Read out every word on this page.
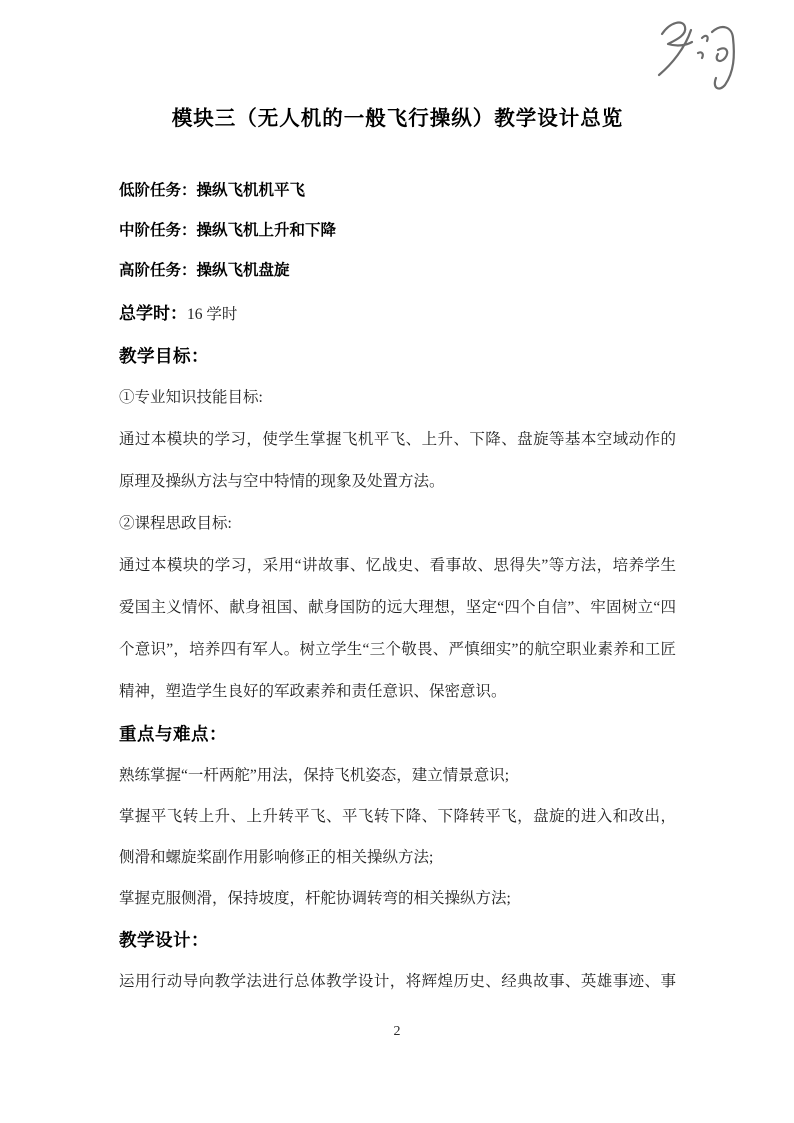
模块三（无人机的一般飞行操纵）教学设计总览
低阶任务：操纵飞机机平飞
中阶任务：操纵飞机上升和下降
高阶任务：操纵飞机盘旋
总学时：16 学时
教学目标：
①专业知识技能目标:
通过本模块的学习，使学生掌握飞机平飞、上升、下降、盘旋等基本空域动作的
原理及操纵方法与空中特情的现象及处置方法。
②课程思政目标:
通过本模块的学习，采用“讲故事、忆战史、看事故、思得失”等方法，培养学生
爱国主义情怀、献身祖国、献身国防的远大理想，坚定“四个自信”、牢固树立“四
个意识”，培养四有军人。树立学生“三个敬畏、严慎细实”的航空职业素养和工匠
精神，塑造学生良好的军政素养和责任意识、保密意识。
重点与难点：
熟练掌握“一杆两舵”用法，保持飞机姿态，建立情景意识;
掌握平飞转上升、上升转平飞、平飞转下降、下降转平飞，盘旋的进入和改出，
侧滑和螺旋桨副作用影响修正的相关操纵方法;
掌握克服侧滑，保持坡度，杆舵协调转弯的相关操纵方法;
教学设计：
运用行动导向教学法进行总体教学设计，将辉煌历史、经典故事、英雄事迹、事
2
